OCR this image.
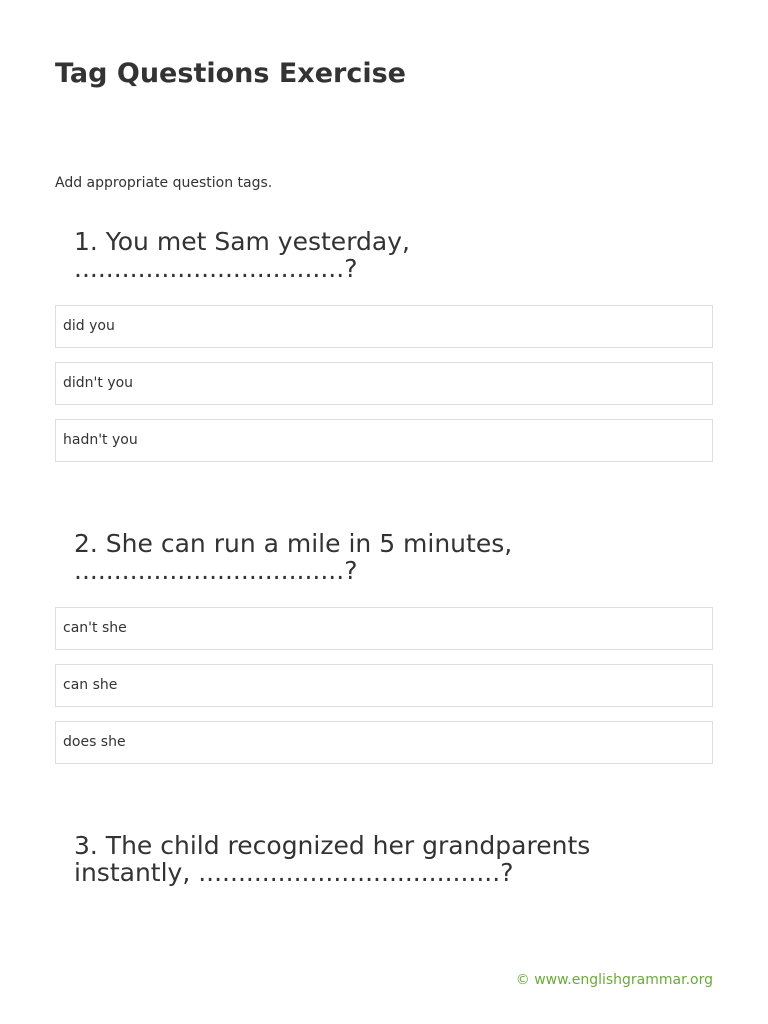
Tag Questions Exercise
Add appropriate question tags.
1. You met Sam yesterday, ..................................?
did you
didn't you
hadn't you
2. She can run a mile in 5 minutes, ..................................?
can't she
can she
does she
3. The child recognized her grandparents instantly, ......................................?
© www.englishgrammar.org
